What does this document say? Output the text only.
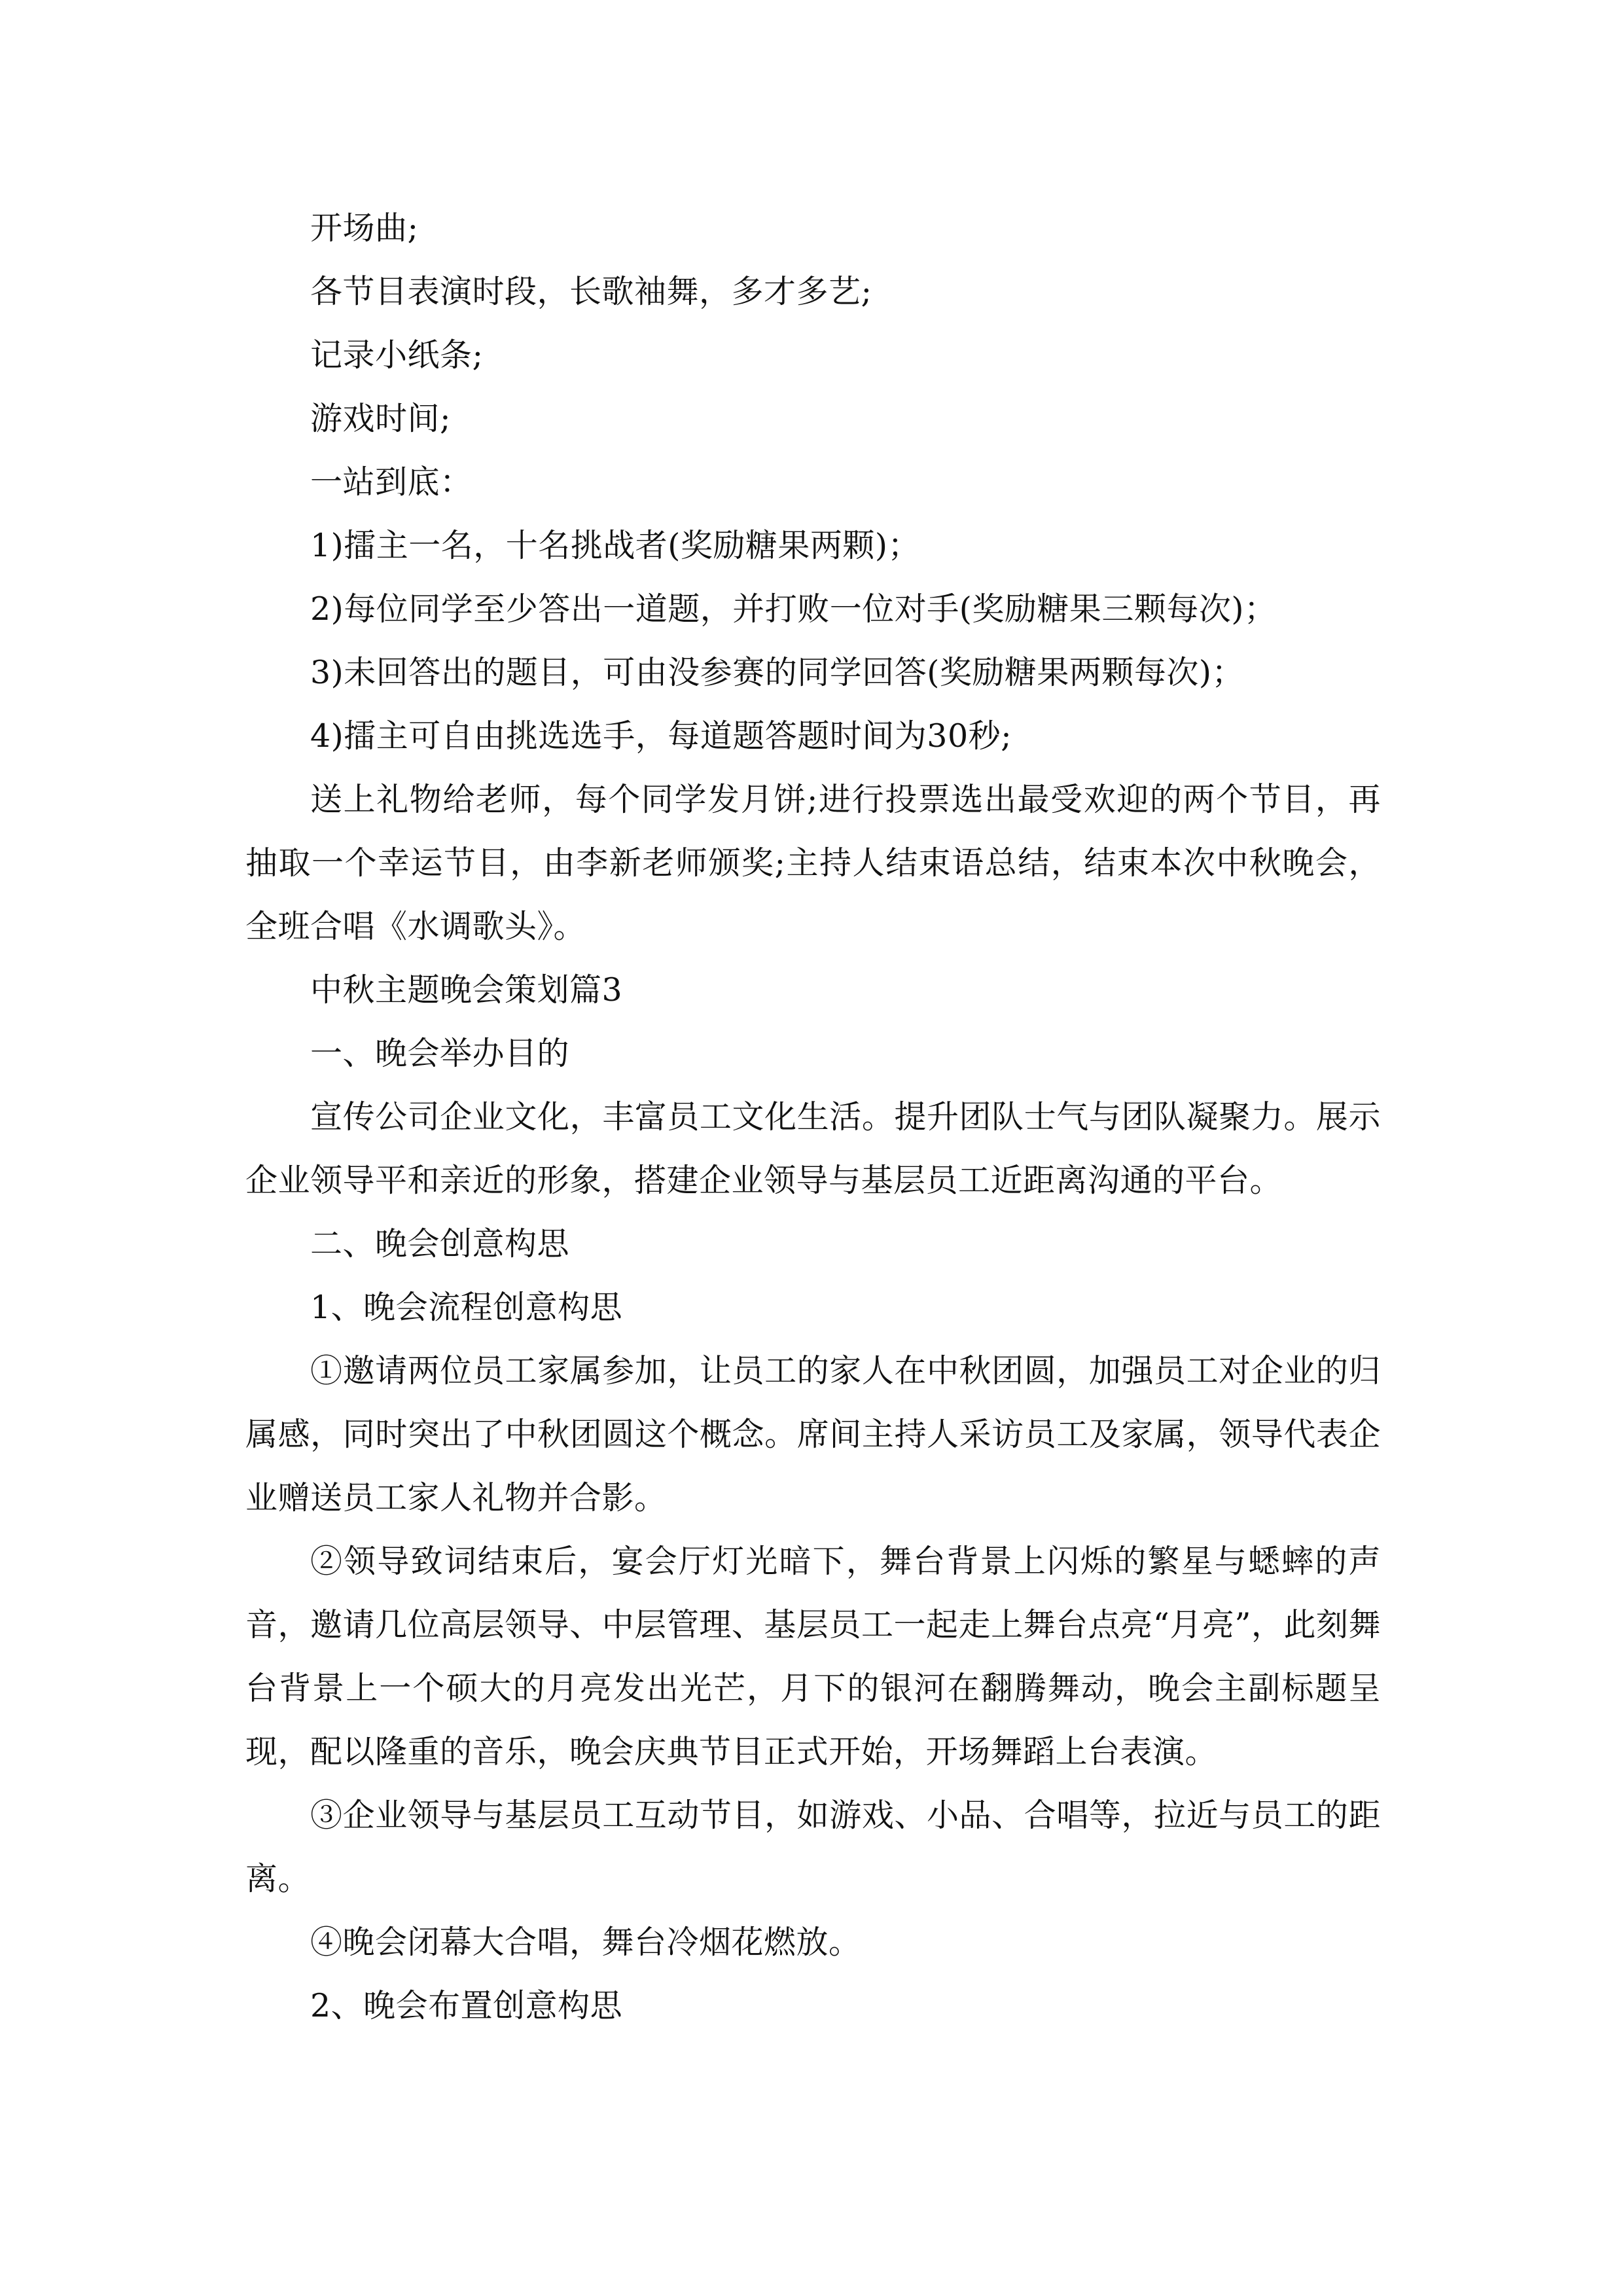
开场曲;

各节目表演时段，长歌袖舞，多才多艺;

记录小纸条;

游戏时间;

一站到底：

1)擂主一名，十名挑战者(奖励糖果两颗)；

2)每位同学至少答出一道题，并打败一位对手(奖励糖果三颗每次)；

3)未回答出的题目，可由没参赛的同学回答(奖励糖果两颗每次)；

4)擂主可自由挑选选手，每道题答题时间为30秒;

送上礼物给老师，每个同学发月饼;进行投票选出最受欢迎的两个节目，再抽取一个幸运节目，由李新老师颁奖;主持人结束语总结，结束本次中秋晚会，全班合唱《水调歌头》。

中秋主题晚会策划篇3

一、晚会举办目的

宣传公司企业文化，丰富员工文化生活。提升团队士气与团队凝聚力。展示企业领导平和亲近的形象，搭建企业领导与基层员工近距离沟通的平台。

二、晚会创意构思

1、晚会流程创意构思

①邀请两位员工家属参加，让员工的家人在中秋团圆，加强员工对企业的归属感，同时突出了中秋团圆这个概念。席间主持人采访员工及家属，领导代表企业赠送员工家人礼物并合影。

②领导致词结束后，宴会厅灯光暗下，舞台背景上闪烁的繁星与蟋蟀的声音，邀请几位高层领导、中层管理、基层员工一起走上舞台点亮“月亮”，此刻舞台背景上一个硕大的月亮发出光芒，月下的银河在翻腾舞动，晚会主副标题呈现，配以隆重的音乐，晚会庆典节目正式开始，开场舞蹈上台表演。

③企业领导与基层员工互动节目，如游戏、小品、合唱等，拉近与员工的距离。

④晚会闭幕大合唱，舞台冷烟花燃放。

2、晚会布置创意构思
